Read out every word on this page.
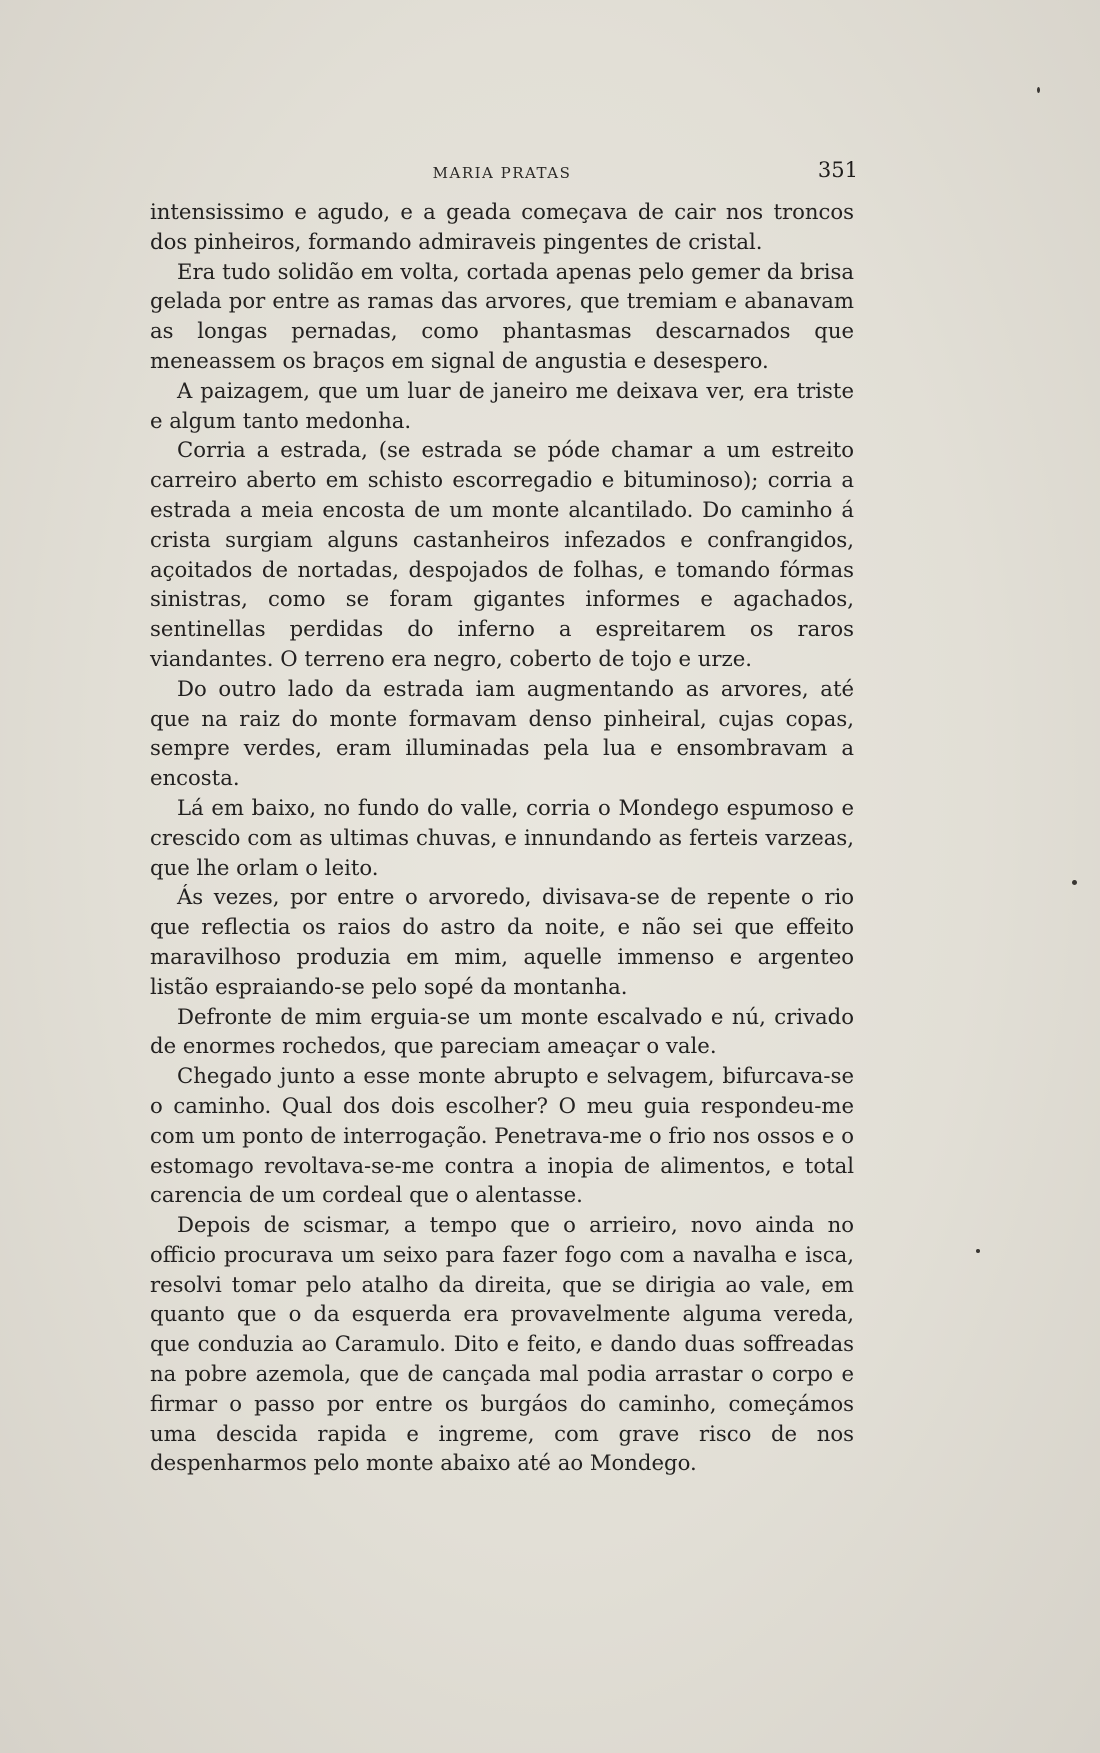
MARIA PRATAS	351

intensissimo e agudo, e a geada começava de cair nos troncos dos pinheiros, formando admiraveis pingentes de cristal.

Era tudo solidão em volta, cortada apenas pelo gemer da brisa gelada por entre as ramas das arvores, que tremiam e abanavam as longas pernadas, como phantasmas descarnados que meneassem os braços em signal de angustia e desespero.

A paizagem, que um luar de janeiro me deixava ver, era triste e algum tanto medonha.

Corria a estrada, (se estrada se póde chamar a um estreito carreiro aberto em schisto escorregadio e bituminoso); corria a estrada a meia encosta de um monte alcantilado. Do caminho á crista surgiam alguns castanheiros infezados e confrangidos, açoitados de nortadas, despojados de folhas, e tomando fórmas sinistras, como se foram gigantes informes e agachados, sentinellas perdidas do inferno a espreitarem os raros viandantes. O terreno era negro, coberto de tojo e urze.

Do outro lado da estrada iam augmentando as arvores, até que na raiz do monte formavam denso pinheiral, cujas copas, sempre verdes, eram illuminadas pela lua e ensombravam a encosta.

Lá em baixo, no fundo do valle, corria o Mondego espumoso e crescido com as ultimas chuvas, e innundando as ferteis varzeas, que lhe orlam o leito.

Ás vezes, por entre o arvoredo, divisava-se de repente o rio que reflectia os raios do astro da noite, e não sei que effeito maravilhoso produzia em mim, aquelle immenso e argenteo listão espraiando-se pelo sopé da montanha.

Defronte de mim erguia-se um monte escalvado e nú, crivado de enormes rochedos, que pareciam ameaçar o vale.

Chegado junto a esse monte abrupto e selvagem, bifurcava-se o caminho. Qual dos dois escolher? O meu guia respondeu-me com um ponto de interrogação. Penetrava-me o frio nos ossos e o estomago revoltava-se-me contra a inopia de alimentos, e total carencia de um cordeal que o alentasse.

Depois de scismar, a tempo que o arrieiro, novo ainda no officio procurava um seixo para fazer fogo com a navalha e isca, resolvi tomar pelo atalho da direita, que se dirigia ao vale, em quanto que o da esquerda era provavelmente alguma vereda, que conduzia ao Caramulo. Dito e feito, e dando duas soffreadas na pobre azemola, que de cançada mal podia arrastar o corpo e firmar o passo por entre os burgáos do caminho, começámos uma descida rapida e ingreme, com grave risco de nos despenharmos pelo monte abaixo até ao Mondego.
